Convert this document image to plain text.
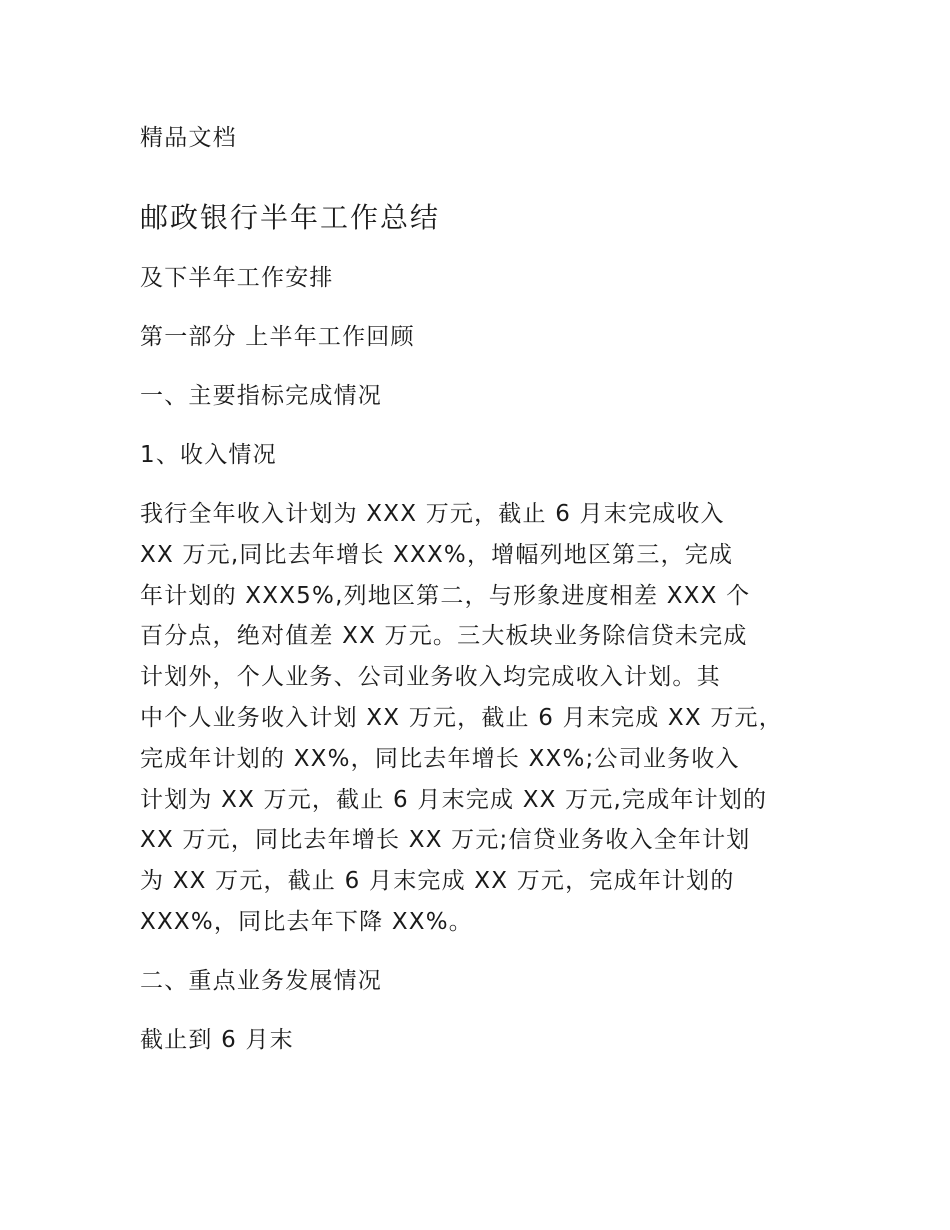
精品文档
邮政银行半年工作总结
及下半年工作安排
第一部分 上半年工作回顾
一、主要指标完成情况
1、收入情况
我行全年收入计划为 XXX 万元，截止 6 月末完成收入
XX 万元,同比去年增长 XXX%，增幅列地区第三，完成
年计划的 XXX5%,列地区第二，与形象进度相差 XXX 个
百分点，绝对值差 XX 万元。三大板块业务除信贷未完成
计划外，个人业务、公司业务收入均完成收入计划。其
中个人业务收入计划 XX 万元，截止 6 月末完成 XX 万元，
完成年计划的 XX%，同比去年增长 XX%;公司业务收入
计划为 XX 万元，截止 6 月末完成 XX 万元,完成年计划的
XX 万元，同比去年增长 XX 万元;信贷业务收入全年计划
为 XX 万元，截止 6 月末完成 XX 万元，完成年计划的
XXX%，同比去年下降 XX%。
二、重点业务发展情况
截止到 6 月末
